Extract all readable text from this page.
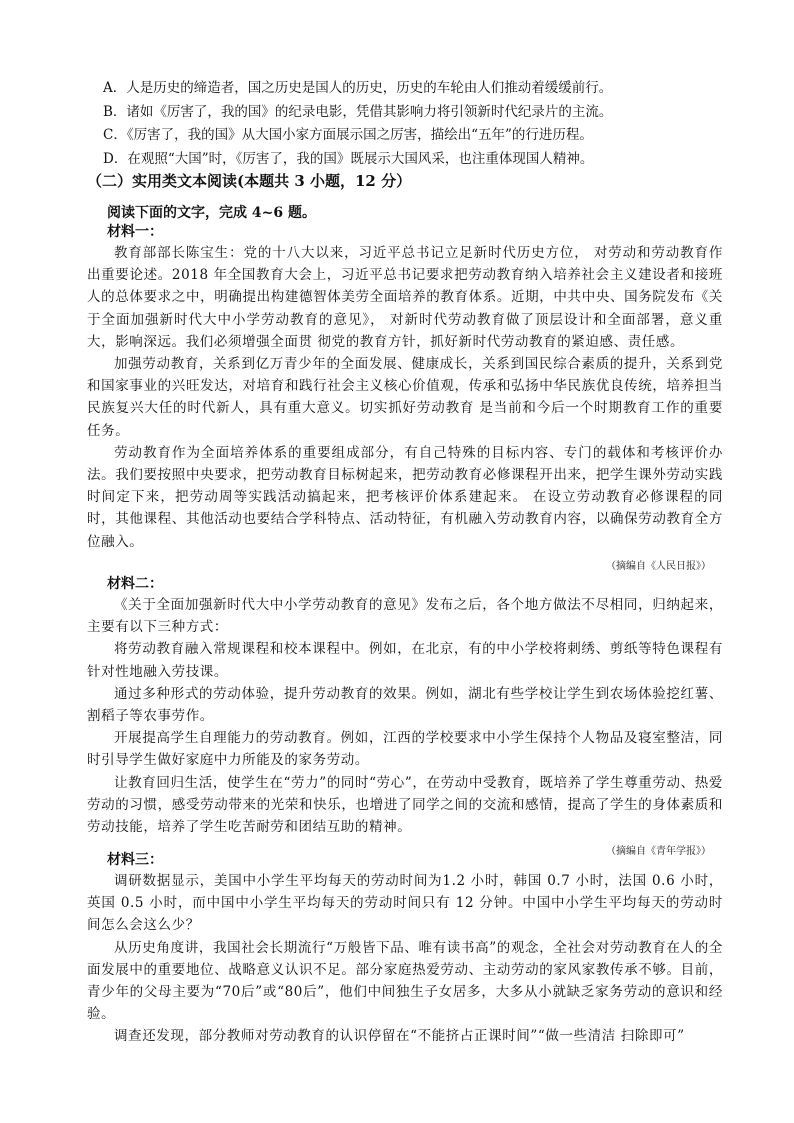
A．人是历史的缔造者，国之历史是国人的历史，历史的车轮由人们推动着缓缓前行。
B．诸如《厉害了，我的国》的纪录电影，凭借其影响力将引领新时代纪录片的主流。
C．《厉害了，我的国》从大国小家方面展示国之厉害，描绘出“五年”的行进历程。
D．在观照“大国”时，《厉害了，我的国》既展示大国风采，也注重体现国人精神。
（二）实用类文本阅读(本题共 3 小题，12 分）
阅读下面的文字，完成 4~6 题。
材料一：

教育部部长陈宝生：党的十八大以来，习近平总书记立足新时代历史方位， 对劳动和劳动教育作出重要论述。2018 年全国教育大会上，习近平总书记要求把劳动教育纳入培养社会主义建设者和接班人的总体要求之中，明确提出构建德智体美劳全面培养的教育体系。近期，中共中央、国务院发布《关于全面加强新时代大中小学劳动教育的意见》， 对新时代劳动教育做了顶层设计和全面部署，意义重大，影响深远。我们必须增强全面贯 彻党的教育方针，抓好新时代劳动教育的紧迫感、责任感。

加强劳动教育，关系到亿万青少年的全面发展、健康成长，关系到国民综合素质的提升，关系到党和国家事业的兴旺发达，对培育和践行社会主义核心价值观，传承和弘扬中华民族优良传统，培养担当民族复兴大任的时代新人，具有重大意义。切实抓好劳动教育 是当前和今后一个时期教育工作的重要任务。

劳动教育作为全面培养体系的重要组成部分，有自己特殊的目标内容、专门的载体和考核评价办法。我们要按照中央要求，把劳动教育目标树起来，把劳动教育必修课程开出来，把学生课外劳动实践时间定下来，把劳动周等实践活动搞起来，把考核评价体系建起来。 在设立劳动教育必修课程的同时，其他课程、其他活动也要结合学科特点、活动特征，有机融入劳动教育内容，以确保劳动教育全方位融入。

（摘编自《人民日报》）

材料二：

《关于全面加强新时代大中小学劳动教育的意见》发布之后，各个地方做法不尽相同，归纳起来，主要有以下三种方式：

将劳动教育融入常规课程和校本课程中。例如，在北京，有的中小学校将刺绣、剪纸等特色课程有针对性地融入劳技课。

通过多种形式的劳动体验，提升劳动教育的效果。例如，湖北有些学校让学生到农场体验挖红薯、割稻子等农事劳作。

开展提高学生自理能力的劳动教育。例如，江西的学校要求中小学生保持个人物品及寝室整洁，同时引导学生做好家庭中力所能及的家务劳动。

让教育回归生活，使学生在“劳力”的同时“劳心”，在劳动中受教育，既培养了学生尊重劳动、热爱劳动的习惯，感受劳动带来的光荣和快乐，也增进了同学之间的交流和感情，提高了学生的身体素质和劳动技能，培养了学生吃苦耐劳和团结互助的精神。

（摘编自《青年学报》）

材料三：

调研数据显示，美国中小学生平均每天的劳动时间为1.2 小时，韩国 0.7 小时，法国 0.6 小时，英国 0.5 小时，而中国中小学生平均每天的劳动时间只有 12 分钟。中国中小学生平均每天的劳动时间怎么会这么少？

从历史角度讲，我国社会长期流行“万般皆下品、唯有读书高”的观念，全社会对劳动教育在人的全面发展中的重要地位、战略意义认识不足。部分家庭热爱劳动、主动劳动的家风家教传承不够。目前，青少年的父母主要为“70后”或“80后”，他们中间独生子女居多，大多从小就缺乏家务劳动的意识和经验。

调查还发现，部分教师对劳动教育的认识停留在“不能挤占正课时间”“做一些清洁 扫除即可”
